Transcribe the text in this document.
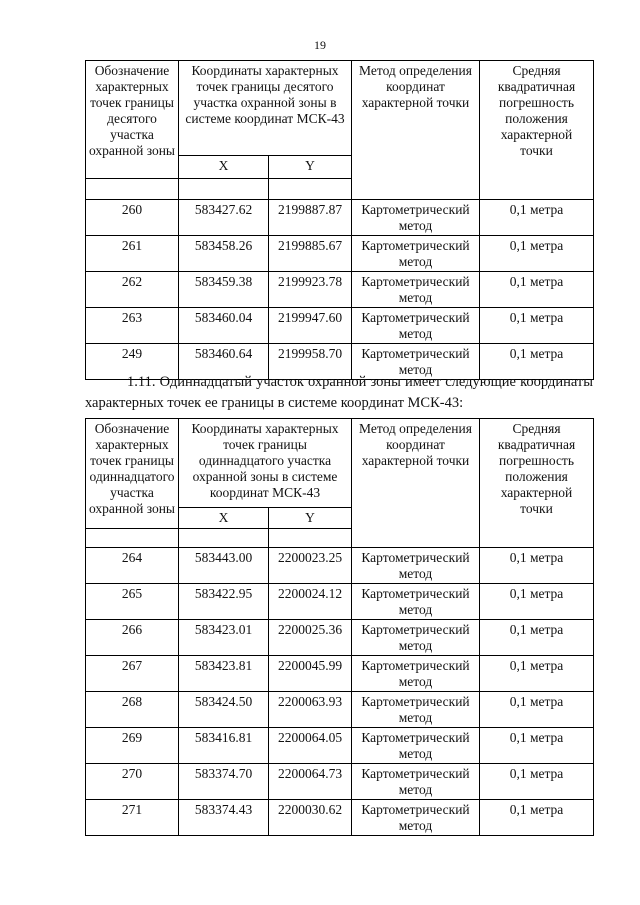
19
Обозначение характерных точек границы десятого участка охранной зоны	Координаты характерных точек границы десятого участка охранной зоны в системе координат МСК-43		Метод определения координат характерной точки	Средняя квадратичная погрешность положения характерной точки
	X	Y		

260	583427.62	2199887.87	Картометрический метод	0,1 метра
261	583458.26	2199885.67	Картометрический метод	0,1 метра
262	583459.38	2199923.78	Картометрический метод	0,1 метра
263	583460.04	2199947.60	Картометрический метод	0,1 метра
249	583460.64	2199958.70	Картометрический метод	0,1 метра
1.11. Одиннадцатый участок охранной зоны имеет следующие координаты характерных точек ее границы в системе координат МСК-43:
Обозначение характерных точек границы одиннадцатого участка охранной зоны	Координаты характерных точек границы одиннадцатого участка охранной зоны в системе координат МСК-43		Метод определения координат характерной точки	Средняя квадратичная погрешность положения характерной точки
	X	Y		

264	583443.00	2200023.25	Картометрический метод	0,1 метра
265	583422.95	2200024.12	Картометрический метод	0,1 метра
266	583423.01	2200025.36	Картометрический метод	0,1 метра
267	583423.81	2200045.99	Картометрический метод	0,1 метра
268	583424.50	2200063.93	Картометрический метод	0,1 метра
269	583416.81	2200064.05	Картометрический метод	0,1 метра
270	583374.70	2200064.73	Картометрический метод	0,1 метра
271	583374.43	2200030.62	Картометрический метод	0,1 метра
